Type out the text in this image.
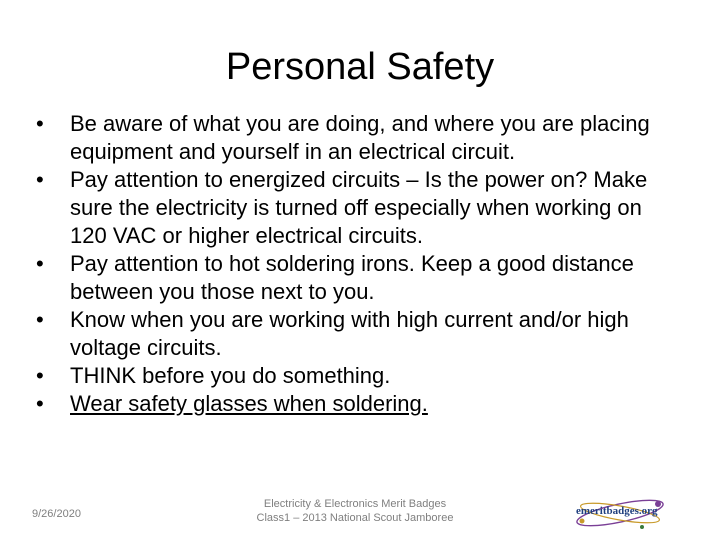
Personal Safety
•	Be aware of what you are doing, and where you are placing equipment and yourself in an electrical circuit.
•	Pay attention to energized circuits – Is the power on? Make sure the electricity is turned off especially when working on 120 VAC or higher electrical circuits.
•	Pay attention to hot soldering irons. Keep a good distance between you those next to you.
•	Know when you are working with high current and/or high voltage circuits.
•	THINK before you do something.
•	Wear safety glasses when soldering.
9/26/2020
Electricity & Electronics Merit Badges
Class1 – 2013 National Scout Jamboree
emeritbadges.org
